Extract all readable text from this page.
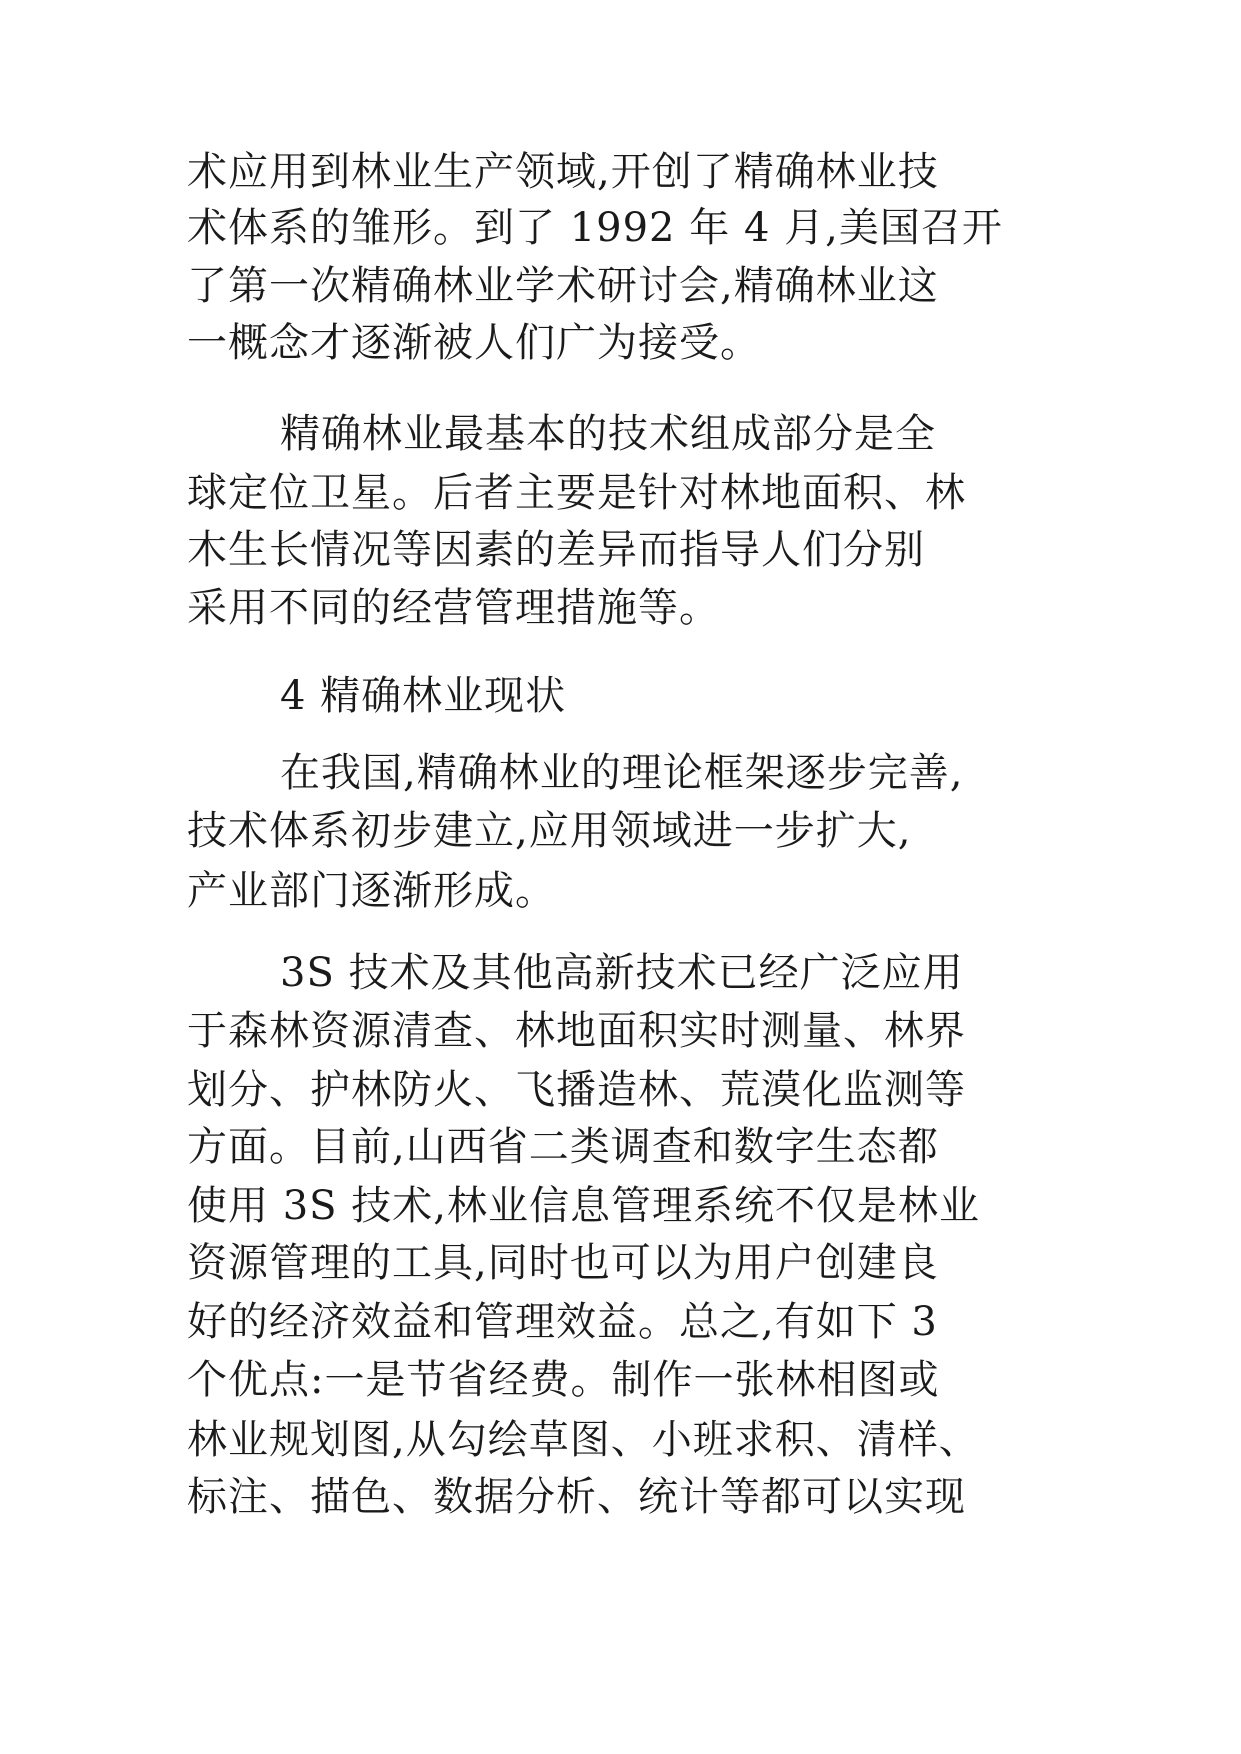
术应用到林业生产领域,开创了精确林业技
术体系的雏形。到了 1992 年 4 月,美国召开
了第一次精确林业学术研讨会,精确林业这
一概念才逐渐被人们广为接受。
精确林业最基本的技术组成部分是全
球定位卫星。后者主要是针对林地面积、林
木生长情况等因素的差异而指导人们分别
采用不同的经营管理措施等。
4 精确林业现状
在我国,精确林业的理论框架逐步完善,
技术体系初步建立,应用领域进一步扩大,
产业部门逐渐形成。
3S 技术及其他高新技术已经广泛应用
于森林资源清查、林地面积实时测量、林界
划分、护林防火、飞播造林、荒漠化监测等
方面。目前,山西省二类调查和数字生态都
使用 3S 技术,林业信息管理系统不仅是林业
资源管理的工具,同时也可以为用户创建良
好的经济效益和管理效益。总之,有如下 3
个优点:一是节省经费。制作一张林相图或
林业规划图,从勾绘草图、小班求积、清样、
标注、描色、数据分析、统计等都可以实现
